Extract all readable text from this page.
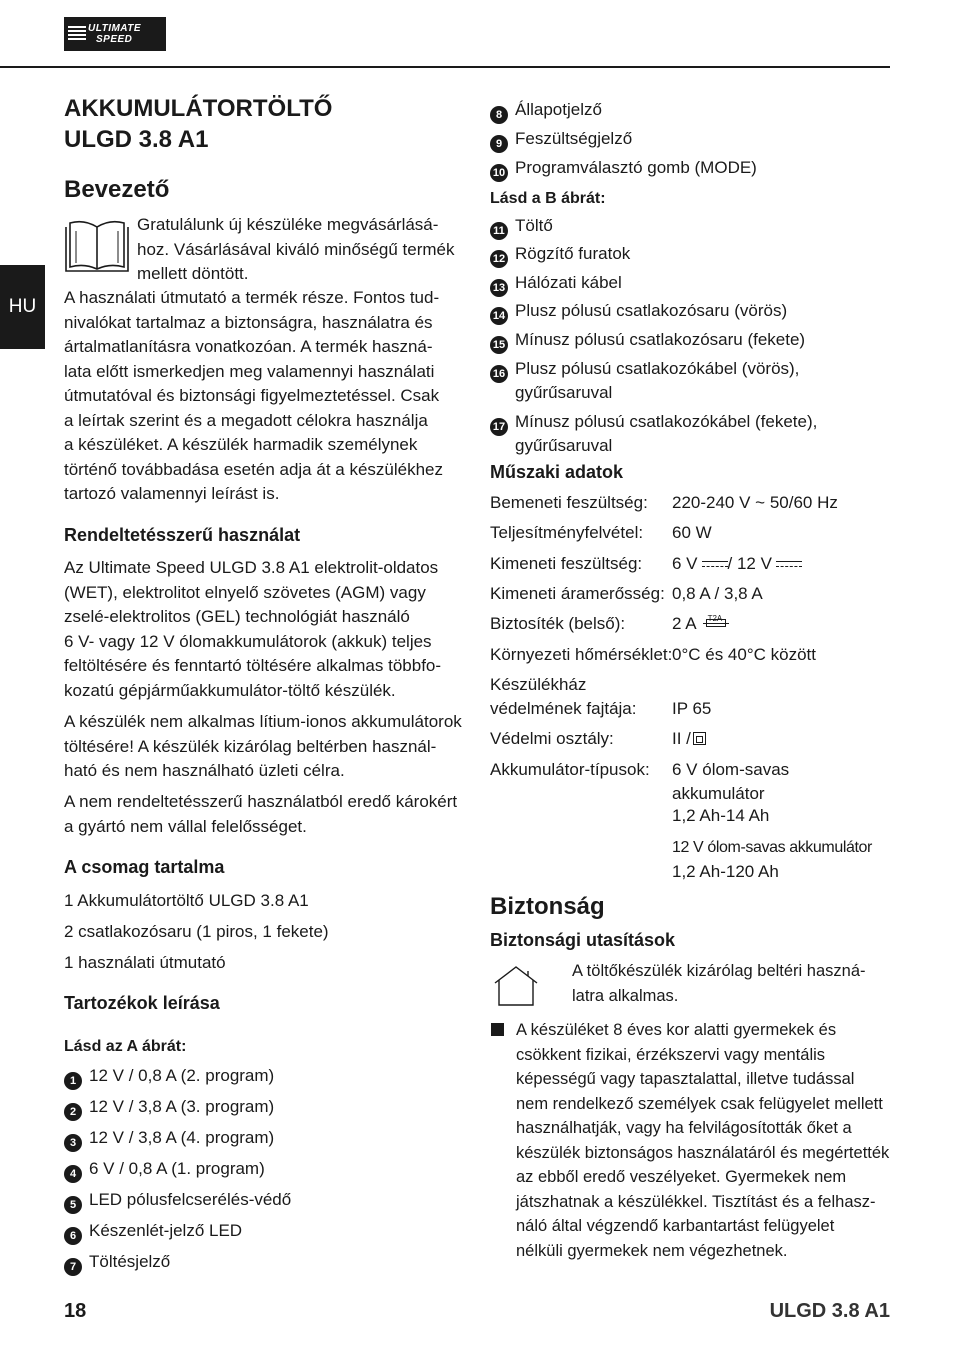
ULTIMATE
SPEED
HU
AKKUMULÁTORTÖLTŐ
ULGD 3.8 A1
Bevezető
Gratulálunk új készüléke megvásárlásá-
hoz. Vásárlásával kiváló minőségű termék
mellett döntött.
A használati útmutató a termék része. Fontos tud-
nivalókat tartalmaz a biztonságra, használatra és
ártalmatlanításra vonatkozóan. A termék haszná-
lata előtt ismerkedjen meg valamennyi használati
útmutatóval és biztonsági figyelmeztetéssel. Csak
a leírtak szerint és a megadott célokra használja
a készüléket. A készülék harmadik személynek
történő továbbadása esetén adja át a készülékhez
tartozó valamennyi leírást is.
Rendeltetésszerű használat
Az Ultimate Speed ULGD 3.8 A1 elektrolit-oldatos
(WET), elektrolitot elnyelő szövetes (AGM) vagy
zselé-elektrolitos (GEL) technológiát használó
6 V- vagy 12 V ólomakkumulátorok (akkuk) teljes
feltöltésére és fenntartó töltésére alkalmas többfo-
kozatú gépjárműakkumulátor-töltő készülék.
A készülék nem alkalmas lítium-ionos akkumulátorok
töltésére! A készülék kizárólag beltérben használ-
ható és nem használható üzleti célra.
A nem rendeltetésszerű használatból eredő károkért
a gyártó nem vállal felelősséget.
A csomag tartalma
1 Akkumulátortöltő ULGD 3.8 A1
2 csatlakozósaru (1 piros, 1 fekete)
1 használati útmutató
Tartozékok leírása
Lásd az A ábrát:
1 12 V / 0,8 A (2. program)
2 12 V / 3,8 A (3. program)
3 12 V / 3,8 A (4. program)
4 6 V / 0,8 A (1. program)
5 LED pólusfelcserélés-védő
6 Készenlét-jelző LED
7 Töltésjelző
8 Állapotjelző
9 Feszültségjelző
10 Programválasztó gomb (MODE)
Lásd a B ábrát:
11 Töltő
12 Rögzítő furatok
13 Hálózati kábel
14 Plusz pólusú csatlakozósaru (vörös)
15 Mínusz pólusú csatlakozósaru (fekete)
16 Plusz pólusú csatlakozókábel (vörös),
gyűrűsaruval
17 Mínusz pólusú csatlakozókábel (fekete),
gyűrűsaruval
Műszaki adatok
Bemeneti feszültség: 220-240 V ~ 50/60 Hz
Teljesítményfelvétel: 60 W
Kimeneti feszültség: 6 V / 12 V
Kimeneti áramerősség: 0,8 A / 3,8 A
Biztosíték (belső):	2 A T2A
Környezeti hőmérséklet: 0°C és 40°C között
Készülékház
védelmének fajtája: IP 65
Védelmi osztály:	II /
Akkumulátor-típusok: 6 V ólom-savas
akkumulátor
1,2 Ah-14 Ah
12 V ólom-savas akkumulátor
1,2 Ah-120 Ah
Biztonság
Biztonsági utasítások
A töltőkészülék kizárólag beltéri haszná-
latra alkalmas.
A készüléket 8 éves kor alatti gyermekek és
csökkent fizikai, érzékszervi vagy mentális
képességű vagy tapasztalattal, illetve tudással
nem rendelkező személyek csak felügyelet mellett
használhatják, vagy ha felvilágosították őket a
készülék biztonságos használatáról és megértették
az ebből eredő veszélyeket. Gyermekek nem
játszhatnak a készülékkel. Tisztítást és a felhasz-
náló által végzendő karbantartást felügyelet
nélküli gyermekek nem végezhetnek.
18	ULGD 3.8 A1
